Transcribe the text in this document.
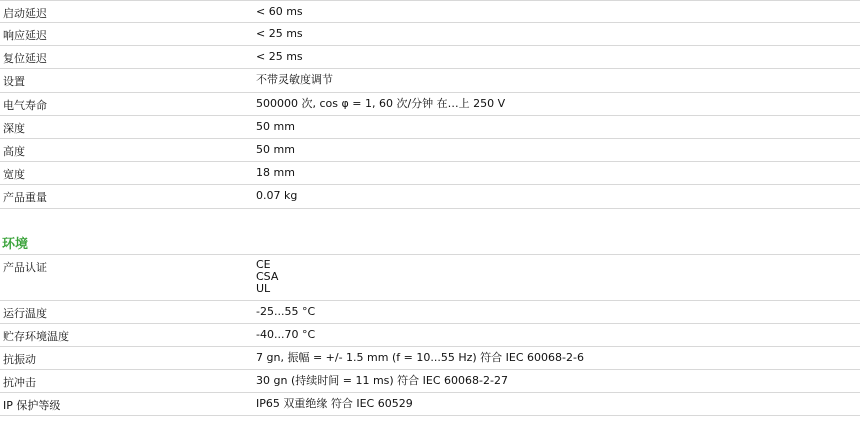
启动延迟	< 60 ms
响应延迟	< 25 ms
复位延迟	< 25 ms
设置	不带灵敏度调节
电气寿命	500000 次, cos φ = 1, 60 次/分钟 在…上 250 V
深度	50 mm
高度	50 mm
宽度	18 mm
产品重量	0.07 kg
环境
产品认证	CE
CSA
UL
运行温度	-25...55 °C
贮存环境温度	-40...70 °C
抗振动	7 gn, 振幅 = +/- 1.5 mm (f = 10...55 Hz) 符合 IEC 60068-2-6
抗冲击	30 gn (持续时间 = 11 ms) 符合 IEC 60068-2-27
IP 保护等级	IP65 双重绝缘 符合 IEC 60529
